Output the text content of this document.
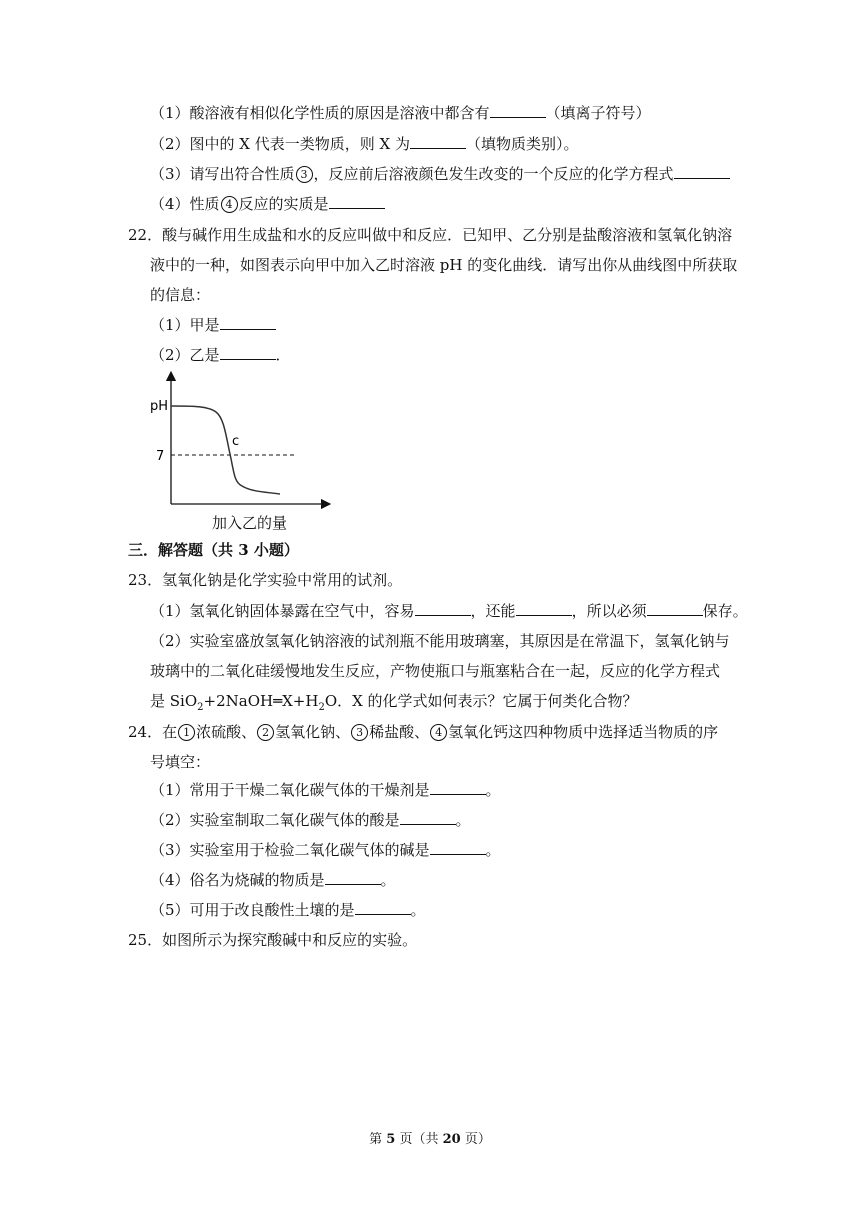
（1）酸溶液有相似化学性质的原因是溶液中都含有	（填离子符号）
（2）图中的 X 代表一类物质，则 X 为	（填物质类别）。
（3）请写出符合性质 3 ，反应前后溶液颜色发生改变的一个反应的化学方程式
（4）性质 4 反应的实质是
22．酸与碱作用生成盐和水的反应叫做中和反应．已知甲、乙分别是盐酸溶液和氢氧化钠溶
液中的一种，如图表示向甲中加入乙时溶液 pH 的变化曲线．请写出你从曲线图中所获取
的信息：
（1）甲是
（2）乙是	．
pH
7
c
加入乙的量
三．解答题（共 3 小题）
23．氢氧化钠是化学实验中常用的试剂。
（1）氢氧化钠固体暴露在空气中，容易	，还能	，所以必须	保存。
（2）实验室盛放氢氧化钠溶液的试剂瓶不能用玻璃塞，其原因是在常温下，氢氧化钠与
玻璃中的二氧化硅缓慢地发生反应，产物使瓶口与瓶塞粘合在一起，反应的化学方程式
是 $SiO_2+2NaOH═X+H_2O$．X 的化学式如何表示？它属于何类化合物？
24．在 1 浓硫酸、 2 氢氧化钠、 3 稀盐酸、 4 氢氧化钙这四种物质中选择适当物质的序
号填空：
（1）常用于干燥二氧化碳气体的干燥剂是	。
（2）实验室制取二氧化碳气体的酸是	。
（3）实验室用于检验二氧化碳气体的碱是	。
（4）俗名为烧碱的物质是	。
（5）可用于改良酸性土壤的是	。
25．如图所示为探究酸碱中和反应的实验。
第 5 页（共 20 页）
